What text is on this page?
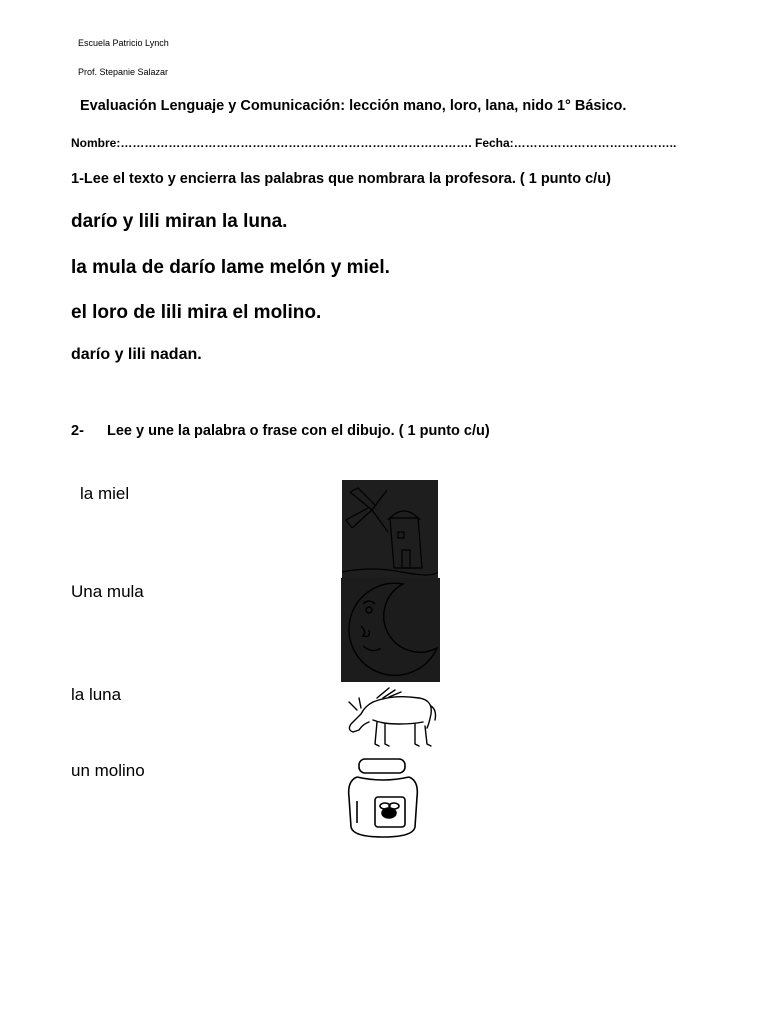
Escuela Patricio Lynch
Prof. Stepanie Salazar
Evaluación Lenguaje y Comunicación: lección mano, loro, lana, nido 1° Básico.
Nombre:……………………………………………………………………………. Fecha:…………………………………..
1-Lee el texto y encierra las palabras que nombrara la profesora. ( 1 punto c/u)
darío y lili miran la luna.
la mula de darío lame melón y miel.
el loro de lili mira el molino.
darío y lili nadan.
2- Lee y une la palabra o frase con el dibujo. ( 1 punto c/u)
la miel
Una mula
la luna
un molino
